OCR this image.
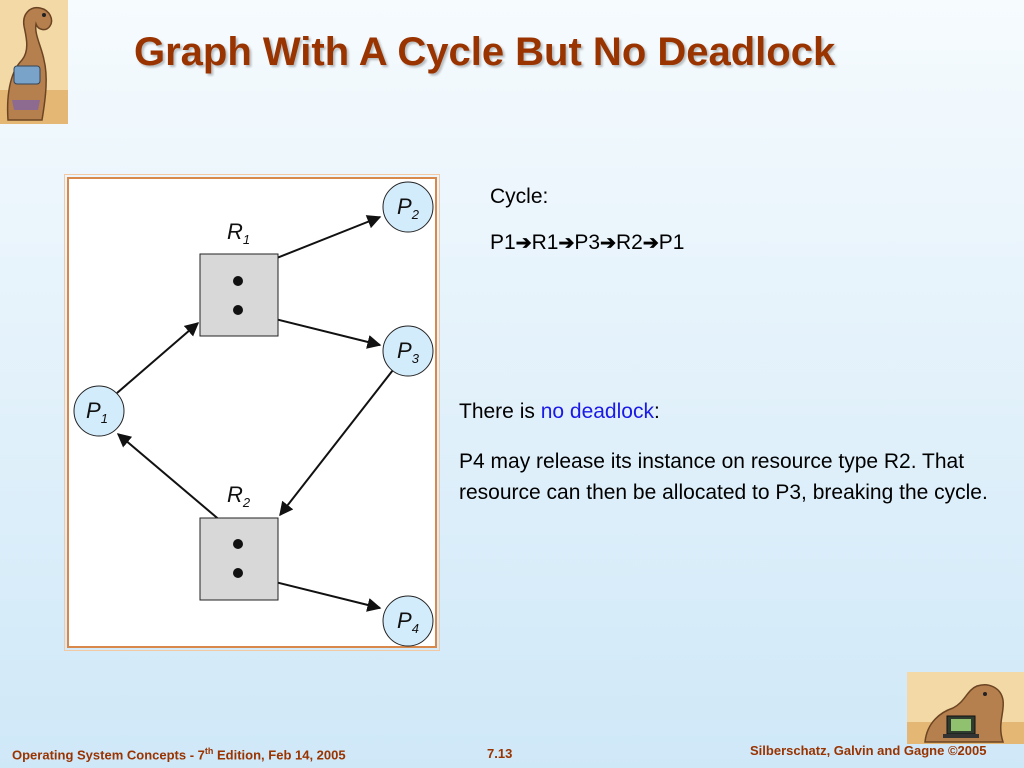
Graph With A Cycle But No Deadlock
$R_1$
$R_2$
$P_1$
$P_2$
$P_3$
$P_4$
Cycle:
P1➔R1➔P3➔R2➔P1
There is no deadlock:
P4 may release its instance on resource type R2. That resource can then be allocated to P3, breaking the cycle.
Operating System Concepts - 7th Edition, Feb 14, 2005	7.13	Silberschatz, Galvin and Gagne ©2005
